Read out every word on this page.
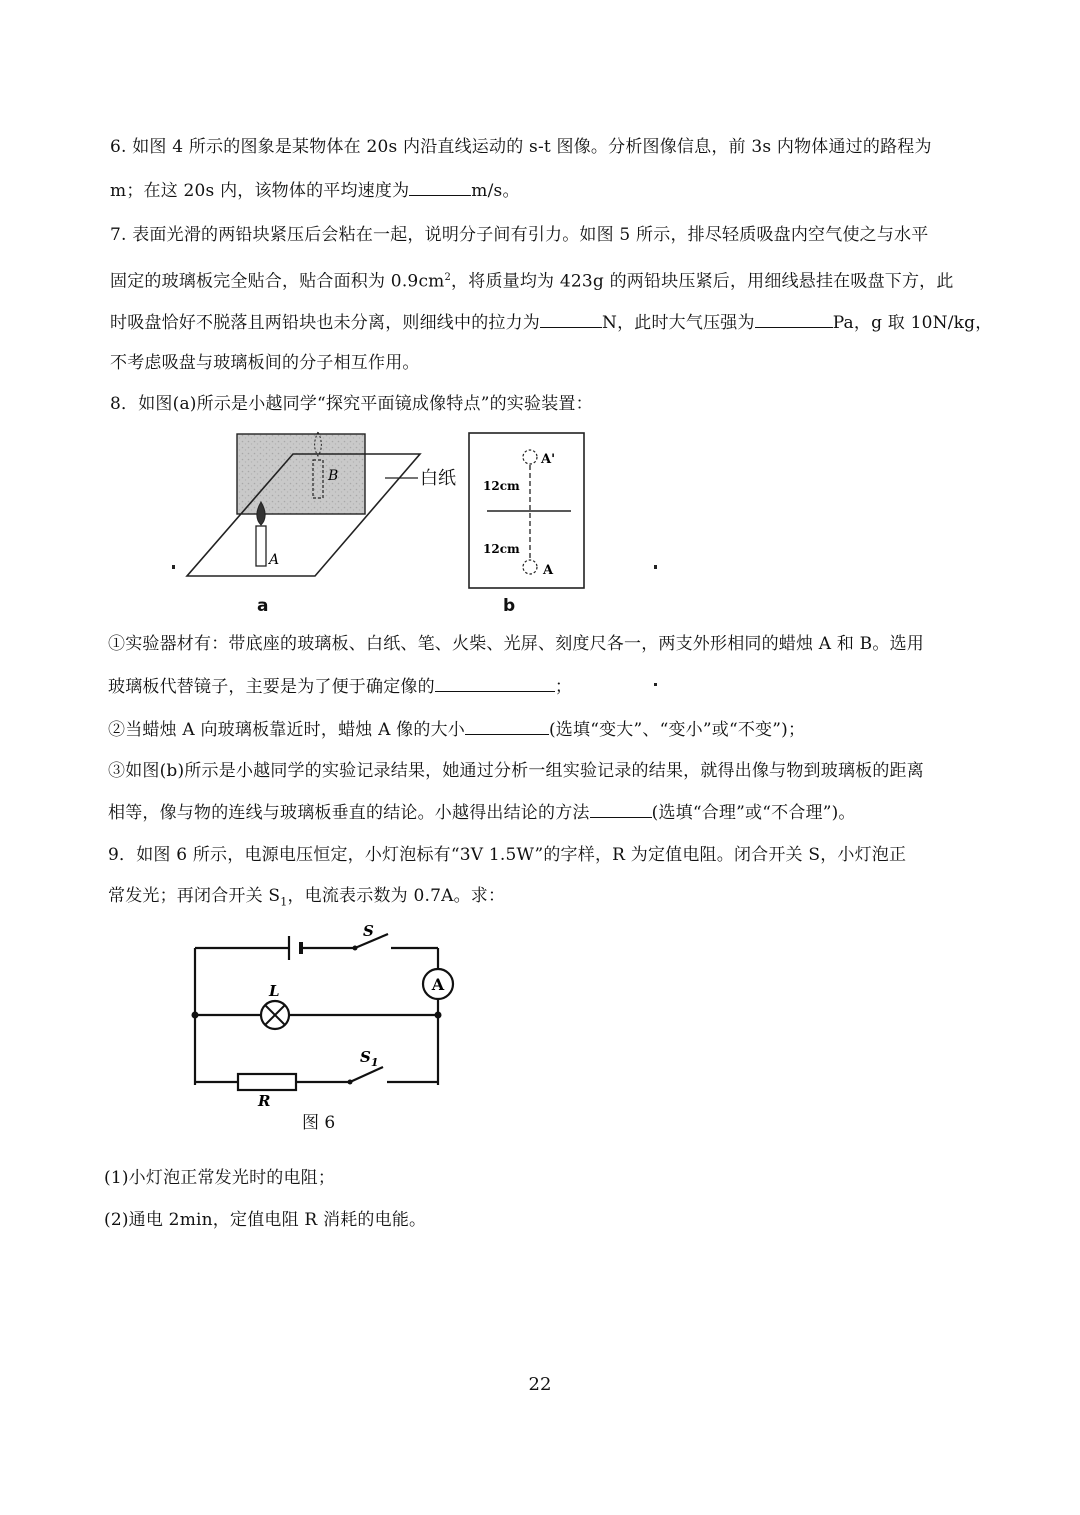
6. 如图 4 所示的图象是某物体在 20s 内沿直线运动的 s-t 图像。分析图像信息，前 3s 内物体通过的路程为
m；在这 20s 内，该物体的平均速度为	m/s。
7. 表面光滑的两铅块紧压后会粘在一起，说明分子间有引力。如图 5 所示，排尽轻质吸盘内空气使之与水平
固定的玻璃板完全贴合，贴合面积为 $0.9cm^2$，将质量均为 423g 的两铅块压紧后，用细线悬挂在吸盘下方，此
时吸盘恰好不脱落且两铅块也未分离，则细线中的拉力为	N，此时大气压强为	Pa，g 取 10N/kg，
不考虑吸盘与玻璃板间的分子相互作用。
8．如图(a)所示是小越同学“探究平面镜成像特点”的实验装置：
B
A
白纸
A'
A
12cm
12cm
a	b
①实验器材有：带底座的玻璃板、白纸、笔、火柴、光屏、刻度尺各一，两支外形相同的蜡烛 A 和 B。选用
玻璃板代替镜子，主要是为了便于确定像的	；
②当蜡烛 A 向玻璃板靠近时，蜡烛 A 像的大小	(选填“变大”、“变小”或“不变”)；
③如图(b)所示是小越同学的实验记录结果，她通过分析一组实验记录的结果，就得出像与物到玻璃板的距离
相等，像与物的连线与玻璃板垂直的结论。小越得出结论的方法	(选填“合理”或“不合理”)。
9．如图 6 所示，电源电压恒定，小灯泡标有“3V 1.5W”的字样，R 为定值电阻。闭合开关 S，小灯泡正
常发光；再闭合开关 $S_1$，电流表示数为 0.7A。求：
A
S
L
$S_1$
R
图 6
(1)小灯泡正常发光时的电阻；
(2)通电 2min，定值电阻 R 消耗的电能。
22
